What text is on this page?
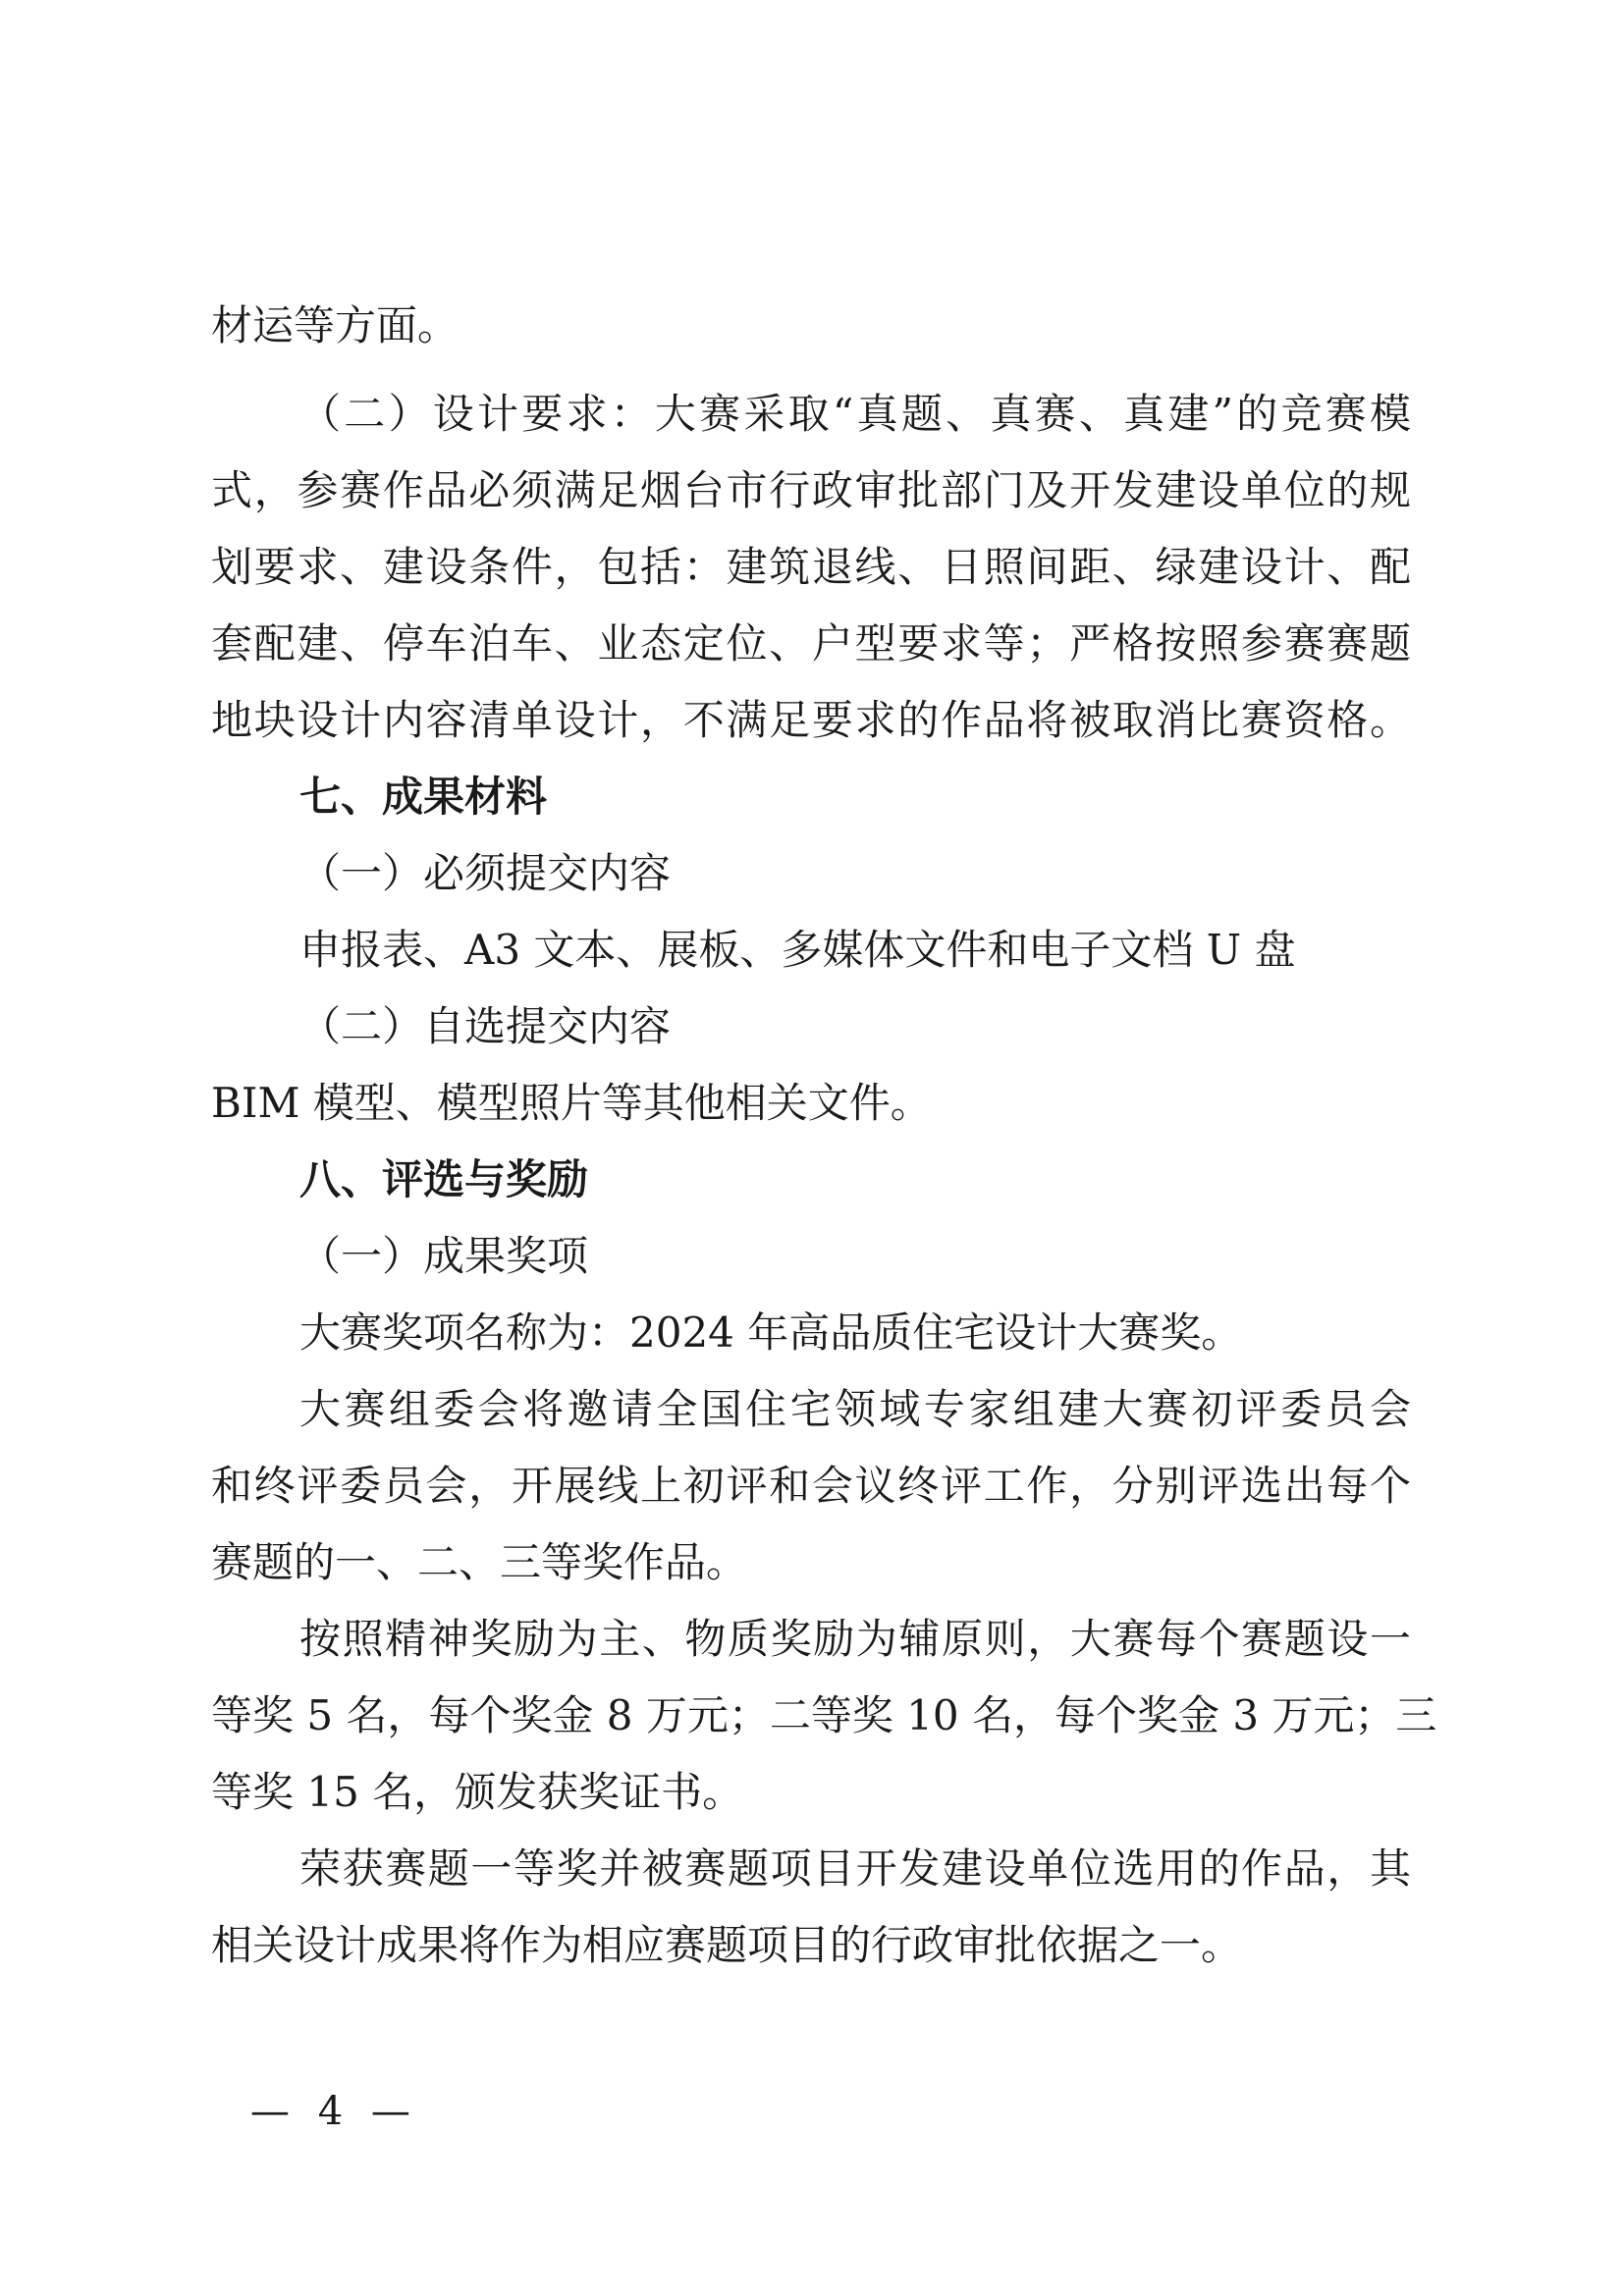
材运等方面。
（二）设计要求：大赛采取“真题、真赛、真建”的竞赛模
式，参赛作品必须满足烟台市行政审批部门及开发建设单位的规
划要求、建设条件，包括：建筑退线、日照间距、绿建设计、配
套配建、停车泊车、业态定位、户型要求等；严格按照参赛赛题
地块设计内容清单设计，不满足要求的作品将被取消比赛资格。
七、成果材料
（一）必须提交内容
申报表、A3 文本、展板、多媒体文件和电子文档 U 盘
（二）自选提交内容
BIM 模型、模型照片等其他相关文件。
八、评选与奖励
（一）成果奖项
大赛奖项名称为：2024 年高品质住宅设计大赛奖。
大赛组委会将邀请全国住宅领域专家组建大赛初评委员会
和终评委员会，开展线上初评和会议终评工作，分别评选出每个
赛题的一、二、三等奖作品。
按照精神奖励为主、物质奖励为辅原则，大赛每个赛题设一
等奖 5 名，每个奖金 8 万元；二等奖 10 名，每个奖金 3 万元；三
等奖 15 名，颁发获奖证书。
荣获赛题一等奖并被赛题项目开发建设单位选用的作品，其
相关设计成果将作为相应赛题项目的行政审批依据之一。
— 4 —
